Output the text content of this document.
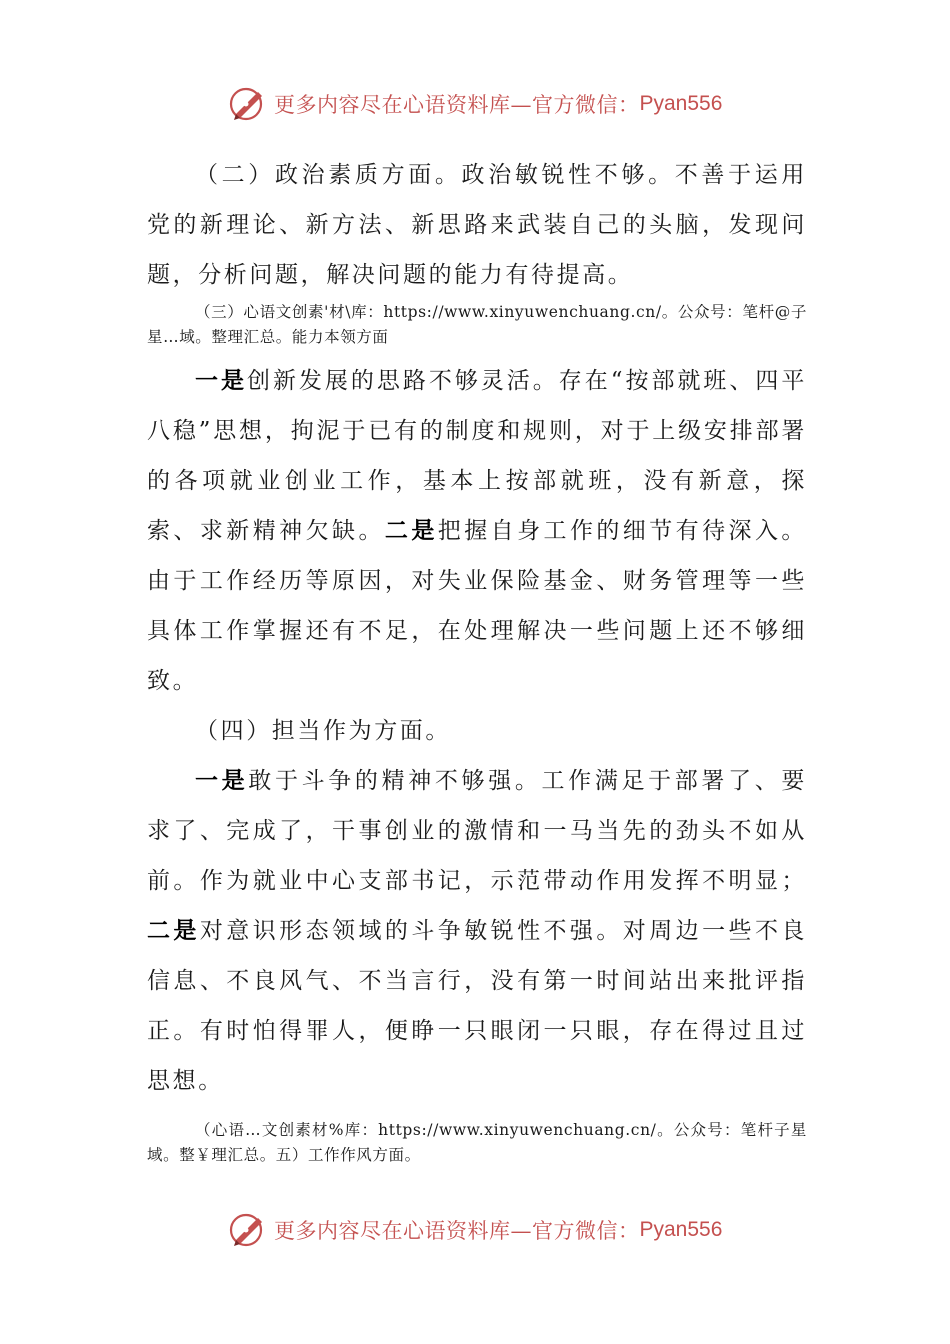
更多内容尽在心语资料库—官方微信： Pyan556

（二）政治素质方面。政治敏锐性不够。不善于运用党的新理论、新方法、新思路来武装自己的头脑，发现问题，分析问题，解决问题的能力有待提高。

（三）心语文创素'材\库：https://www.xinyuwenchuang.cn/。公众号：笔杆@子星…域。整理汇总。能力本领方面

一是创新发展的思路不够灵活。存在“按部就班、四平八稳”思想，拘泥于已有的制度和规则，对于上级安排部署的各项就业创业工作，基本上按部就班，没有新意，探索、求新精神欠缺。二是把握自身工作的细节有待深入。由于工作经历等原因，对失业保险基金、财务管理等一些具体工作掌握还有不足，在处理解决一些问题上还不够细致。

（四）担当作为方面。

一是敢于斗争的精神不够强。工作满足于部署了、要求了、完成了，干事创业的激情和一马当先的劲头不如从前。作为就业中心支部书记，示范带动作用发挥不明显；二是对意识形态领域的斗争敏锐性不强。对周边一些不良信息、不良风气、不当言行，没有第一时间站出来批评指正。有时怕得罪人，便睁一只眼闭一只眼，存在得过且过思想。

（心语…文创素材%库：https://www.xinyuwenchuang.cn/。公众号：笔杆子星域。整￥理汇总。五）工作作风方面。

更多内容尽在心语资料库—官方微信： Pyan556
